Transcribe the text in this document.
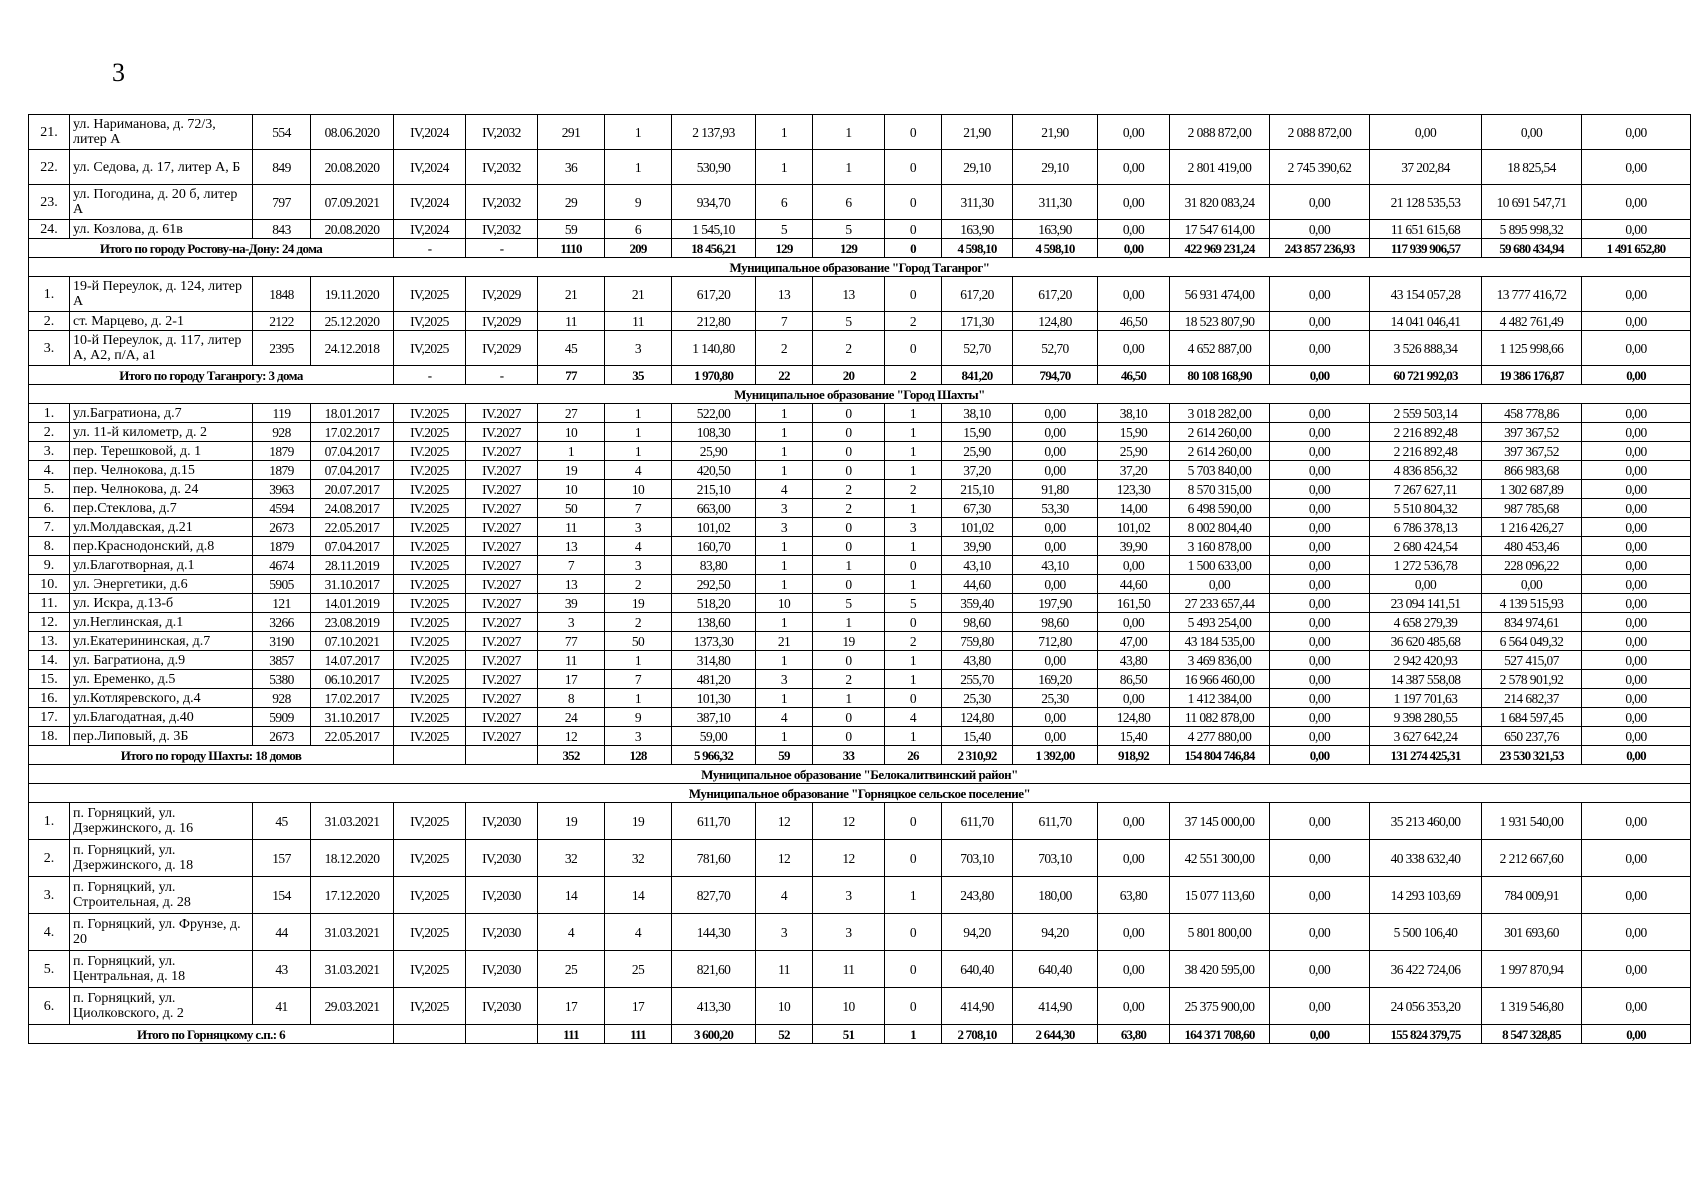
3
21.	ул. Нариманова, д. 72/3, литер А	554	08.06.2020	IV,2024	IV,2032	291	1	2 137,93	1	1	0	21,90	21,90	0,00	2 088 872,00	2 088 872,00	0,00	0,00	0,00
22.	ул. Седова, д. 17, литер А, Б	849	20.08.2020	IV,2024	IV,2032	36	1	530,90	1	1	0	29,10	29,10	0,00	2 801 419,00	2 745 390,62	37 202,84	18 825,54	0,00
23.	ул. Погодина, д. 20 б, литер А	797	07.09.2021	IV,2024	IV,2032	29	9	934,70	6	6	0	311,30	311,30	0,00	31 820 083,24	0,00	21 128 535,53	10 691 547,71	0,00
24.	ул. Козлова, д. 61в	843	20.08.2020	IV,2024	IV,2032	59	6	1 545,10	5	5	0	163,90	163,90	0,00	17 547 614,00	0,00	11 651 615,68	5 895 998,32	0,00
Итого по городу Ростову-на-Дону: 24 дома				-	-	1110	209	18 456,21	129	129	0	4 598,10	4 598,10	0,00	422 969 231,24	243 857 236,93	117 939 906,57	59 680 434,94	1 491 652,80
Муниципальное образование "Город Таганрог"																			
1.	19-й Переулок, д. 124, литер А	1848	19.11.2020	IV,2025	IV,2029	21	21	617,20	13	13	0	617,20	617,20	0,00	56 931 474,00	0,00	43 154 057,28	13 777 416,72	0,00
2.	ст. Марцево, д. 2-1	2122	25.12.2020	IV,2025	IV,2029	11	11	212,80	7	5	2	171,30	124,80	46,50	18 523 807,90	0,00	14 041 046,41	4 482 761,49	0,00
3.	10-й Переулок, д. 117, литер А, А2, п/А, а1	2395	24.12.2018	IV,2025	IV,2029	45	3	1 140,80	2	2	0	52,70	52,70	0,00	4 652 887,00	0,00	3 526 888,34	1 125 998,66	0,00
Итого по городу Таганрогу: 3 дома				-	-	77	35	1 970,80	22	20	2	841,20	794,70	46,50	80 108 168,90	0,00	60 721 992,03	19 386 176,87	0,00
Муниципальное образование "Город Шахты"																			
1.	ул.Багратиона, д.7	119	18.01.2017	IV.2025	IV.2027	27	1	522,00	1	0	1	38,10	0,00	38,10	3 018 282,00	0,00	2 559 503,14	458 778,86	0,00
2.	ул. 11-й километр, д. 2	928	17.02.2017	IV.2025	IV.2027	10	1	108,30	1	0	1	15,90	0,00	15,90	2 614 260,00	0,00	2 216 892,48	397 367,52	0,00
3.	пер. Терешковой, д. 1	1879	07.04.2017	IV.2025	IV.2027	1	1	25,90	1	0	1	25,90	0,00	25,90	2 614 260,00	0,00	2 216 892,48	397 367,52	0,00
4.	пер. Челнокова, д.15	1879	07.04.2017	IV.2025	IV.2027	19	4	420,50	1	0	1	37,20	0,00	37,20	5 703 840,00	0,00	4 836 856,32	866 983,68	0,00
5.	пер. Челнокова, д. 24	3963	20.07.2017	IV.2025	IV.2027	10	10	215,10	4	2	2	215,10	91,80	123,30	8 570 315,00	0,00	7 267 627,11	1 302 687,89	0,00
6.	пер.Стеклова, д.7	4594	24.08.2017	IV.2025	IV.2027	50	7	663,00	3	2	1	67,30	53,30	14,00	6 498 590,00	0,00	5 510 804,32	987 785,68	0,00
7.	ул.Молдавская, д.21	2673	22.05.2017	IV.2025	IV.2027	11	3	101,02	3	0	3	101,02	0,00	101,02	8 002 804,40	0,00	6 786 378,13	1 216 426,27	0,00
8.	пер.Краснодонский, д.8	1879	07.04.2017	IV.2025	IV.2027	13	4	160,70	1	0	1	39,90	0,00	39,90	3 160 878,00	0,00	2 680 424,54	480 453,46	0,00
9.	ул.Благотворная, д.1	4674	28.11.2019	IV.2025	IV.2027	7	3	83,80	1	1	0	43,10	43,10	0,00	1 500 633,00	0,00	1 272 536,78	228 096,22	0,00
10.	ул. Энергетики, д.6	5905	31.10.2017	IV.2025	IV.2027	13	2	292,50	1	0	1	44,60	0,00	44,60	0,00	0,00	0,00	0,00	0,00
11.	ул. Искра, д.13-б	121	14.01.2019	IV.2025	IV.2027	39	19	518,20	10	5	5	359,40	197,90	161,50	27 233 657,44	0,00	23 094 141,51	4 139 515,93	0,00
12.	ул.Неглинская, д.1	3266	23.08.2019	IV.2025	IV.2027	3	2	138,60	1	1	0	98,60	98,60	0,00	5 493 254,00	0,00	4 658 279,39	834 974,61	0,00
13.	ул.Екатерининская, д.7	3190	07.10.2021	IV.2025	IV.2027	77	50	1373,30	21	19	2	759,80	712,80	47,00	43 184 535,00	0,00	36 620 485,68	6 564 049,32	0,00
14.	ул. Багратиона, д.9	3857	14.07.2017	IV.2025	IV.2027	11	1	314,80	1	0	1	43,80	0,00	43,80	3 469 836,00	0,00	2 942 420,93	527 415,07	0,00
15.	ул. Еременко, д.5	5380	06.10.2017	IV.2025	IV.2027	17	7	481,20	3	2	1	255,70	169,20	86,50	16 966 460,00	0,00	14 387 558,08	2 578 901,92	0,00
16.	ул.Котляревского, д.4	928	17.02.2017	IV.2025	IV.2027	8	1	101,30	1	1	0	25,30	25,30	0,00	1 412 384,00	0,00	1 197 701,63	214 682,37	0,00
17.	ул.Благодатная, д.40	5909	31.10.2017	IV.2025	IV.2027	24	9	387,10	4	0	4	124,80	0,00	124,80	11 082 878,00	0,00	9 398 280,55	1 684 597,45	0,00
18.	пер.Липовый, д. 3Б	2673	22.05.2017	IV.2025	IV.2027	12	3	59,00	1	0	1	15,40	0,00	15,40	4 277 880,00	0,00	3 627 642,24	650 237,76	0,00
Итого по городу Шахты: 18 домов						352	128	5 966,32	59	33	26	2 310,92	1 392,00	918,92	154 804 746,84	0,00	131 274 425,31	23 530 321,53	0,00
Муниципальное образование "Белокалитвинский район"																			
Муниципальное образование "Горняцкое сельское поселение"																			
1.	п. Горняцкий, ул. Дзержинского, д. 16	45	31.03.2021	IV,2025	IV,2030	19	19	611,70	12	12	0	611,70	611,70	0,00	37 145 000,00	0,00	35 213 460,00	1 931 540,00	0,00
2.	п. Горняцкий, ул. Дзержинского, д. 18	157	18.12.2020	IV,2025	IV,2030	32	32	781,60	12	12	0	703,10	703,10	0,00	42 551 300,00	0,00	40 338 632,40	2 212 667,60	0,00
3.	п. Горняцкий, ул. Строительная, д. 28	154	17.12.2020	IV,2025	IV,2030	14	14	827,70	4	3	1	243,80	180,00	63,80	15 077 113,60	0,00	14 293 103,69	784 009,91	0,00
4.	п. Горняцкий, ул. Фрунзе, д. 20	44	31.03.2021	IV,2025	IV,2030	4	4	144,30	3	3	0	94,20	94,20	0,00	5 801 800,00	0,00	5 500 106,40	301 693,60	0,00
5.	п. Горняцкий, ул. Центральная, д. 18	43	31.03.2021	IV,2025	IV,2030	25	25	821,60	11	11	0	640,40	640,40	0,00	38 420 595,00	0,00	36 422 724,06	1 997 870,94	0,00
6.	п. Горняцкий, ул. Циолковского, д. 2	41	29.03.2021	IV,2025	IV,2030	17	17	413,30	10	10	0	414,90	414,90	0,00	25 375 900,00	0,00	24 056 353,20	1 319 546,80	0,00
Итого по Горняцкому с.п.: 6						111	111	3 600,20	52	51	1	2 708,10	2 644,30	63,80	164 371 708,60	0,00	155 824 379,75	8 547 328,85	0,00
